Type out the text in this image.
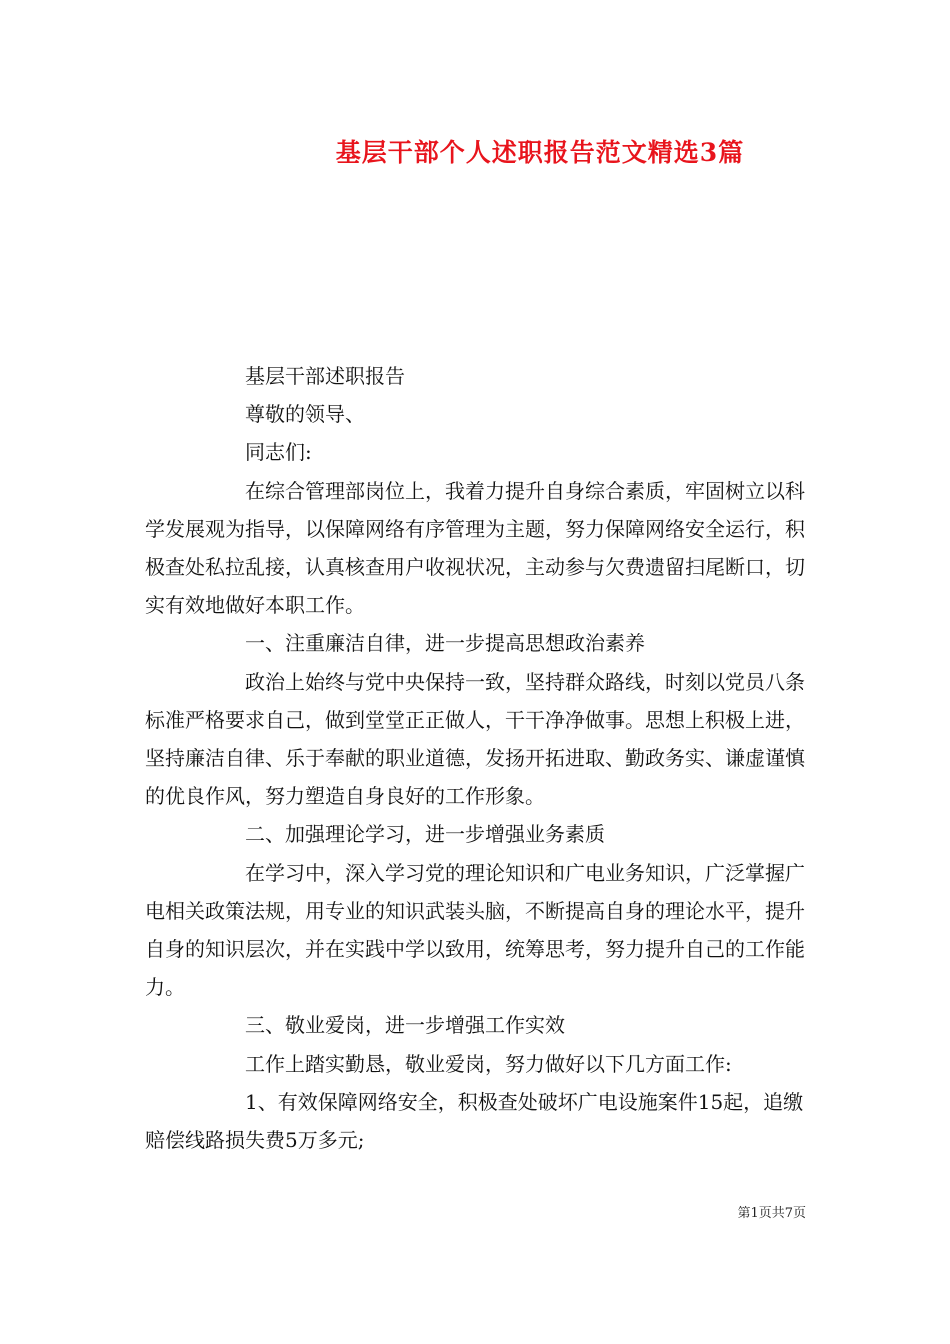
基层干部个人述职报告范文精选3篇

基层干部述职报告

尊敬的领导、

同志们:

在综合管理部岗位上，我着力提升自身综合素质，牢固树立以科学发展观为指导，以保障网络有序管理为主题，努力保障网络安全运行，积极查处私拉乱接，认真核查用户收视状况，主动参与欠费遗留扫尾断口，切实有效地做好本职工作。

一、注重廉洁自律，进一步提高思想政治素养

政治上始终与党中央保持一致，坚持群众路线，时刻以党员八条标准严格要求自己，做到堂堂正正做人，干干净净做事。思想上积极上进，坚持廉洁自律、乐于奉献的职业道德，发扬开拓进取、勤政务实、谦虚谨慎的优良作风，努力塑造自身良好的工作形象。

二、加强理论学习，进一步增强业务素质

在学习中，深入学习党的理论知识和广电业务知识，广泛掌握广电相关政策法规，用专业的知识武装头脑，不断提高自身的理论水平，提升自身的知识层次，并在实践中学以致用，统筹思考，努力提升自己的工作能力。

三、敬业爱岗，进一步增强工作实效

工作上踏实勤恳，敬业爱岗，努力做好以下几方面工作:

1、有效保障网络安全，积极查处破坏广电设施案件15起，追缴赔偿线路损失费5万多元;

第1页共7页
